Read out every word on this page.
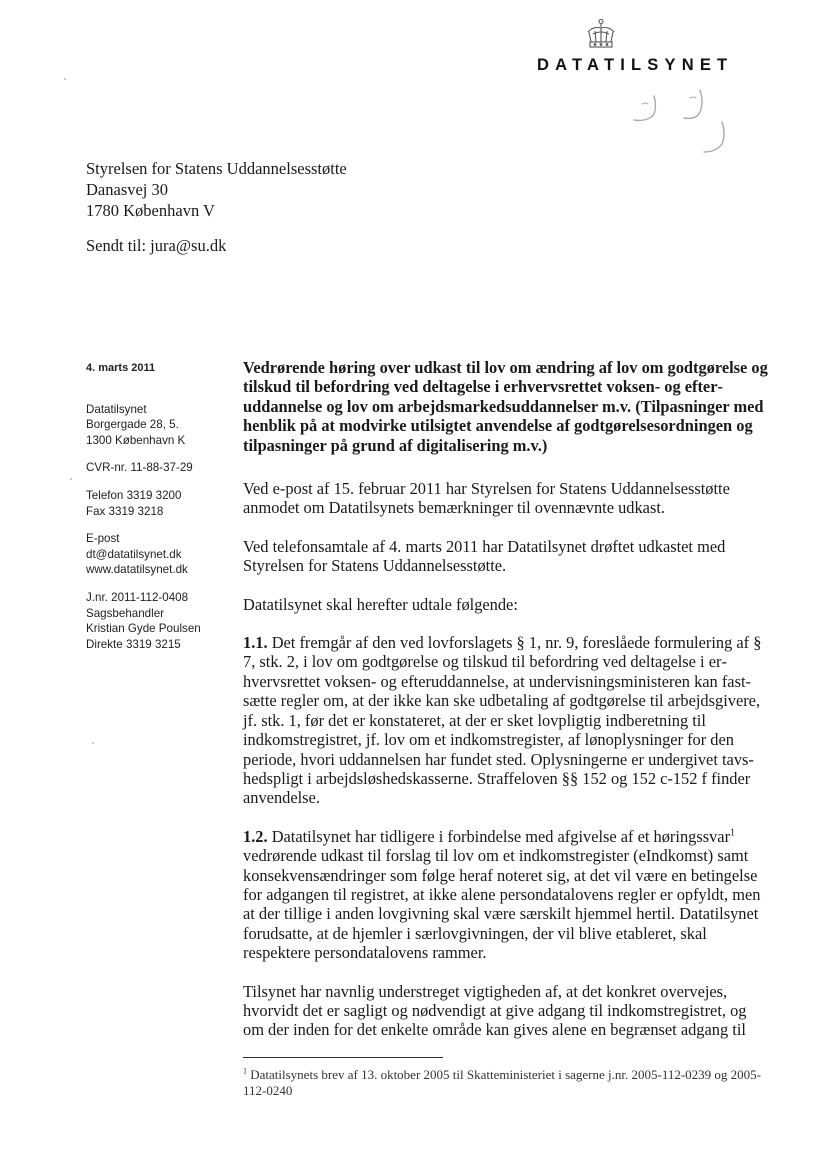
DATATILSYNET
Styrelsen for Statens Uddannelsesstøtte
Danasvej 30
1780 København V
Sendt til: jura@su.dk
4. marts 2011
Datatilsynet
Borgergade 28, 5.
1300 København K
CVR-nr. 11-88-37-29
Telefon 3319 3200
Fax 3319 3218
E-post
dt@datatilsynet.dk
www.datatilsynet.dk
J.nr. 2011-112-0408
Sagsbehandler
Kristian Gyde Poulsen
Direkte 3319 3215

Vedrørende høring over udkast til lov om ændring af lov om godtgørelse og tilskud til befordring ved deltagelse i erhvervsrettet voksen- og efteruddannelse og lov om arbejdsmarkedsuddannelser m.v. (Tilpasninger med henblik på at modvirke utilsigtet anvendelse af godtgørelsesordningen og tilpasninger på grund af digitalisering m.v.)

Ved e-post af 15. februar 2011 har Styrelsen for Statens Uddannelsesstøtte anmodet om Datatilsynets bemærkninger til ovennævnte udkast.

Ved telefonsamtale af 4. marts 2011 har Datatilsynet drøftet udkastet med Styrelsen for Statens Uddannelsesstøtte.

Datatilsynet skal herefter udtale følgende:

1.1. Det fremgår af den ved lovforslagets § 1, nr. 9, foreslåede formulering af § 7, stk. 2, i lov om godtgørelse og tilskud til befordring ved deltagelse i erhvervsrettet voksen- og efteruddannelse, at undervisningsministeren kan fastsætte regler om, at der ikke kan ske udbetaling af godtgørelse til arbejdsgivere, jf. stk. 1, før det er konstateret, at der er sket lovpligtig indberetning til indkomstregistret, jf. lov om et indkomstregister, af lønoplysninger for den periode, hvori uddannelsen har fundet sted. Oplysningerne er undergivet tavshedspligt i arbejdsløshedskasserne. Straffeloven §§ 152 og 152 c-152 f finder anvendelse.

1.2. Datatilsynet har tidligere i forbindelse med afgivelse af et høringssvar$^1$ vedrørende udkast til forslag til lov om et indkomstregister (eIndkomst) samt konsekvensændringer som følge heraf noteret sig, at det vil være en betingelse for adgangen til registret, at ikke alene persondatalovens regler er opfyldt, men at der tillige i anden lovgivning skal være særskilt hjemmel hertil. Datatilsynet forudsatte, at de hjemler i særlovgivningen, der vil blive etableret, skal respektere persondatalovens rammer.

Tilsynet har navnlig understreget vigtigheden af, at det konkret overvejes, hvorvidt det er sagligt og nødvendigt at give adgang til indkomstregistret, og om der inden for det enkelte område kan gives alene en begrænset adgang til

$^1$ Datatilsynets brev af 13. oktober 2005 til Skatteministeriet i sagerne j.nr. 2005-112-0239 og 2005-112-0240
